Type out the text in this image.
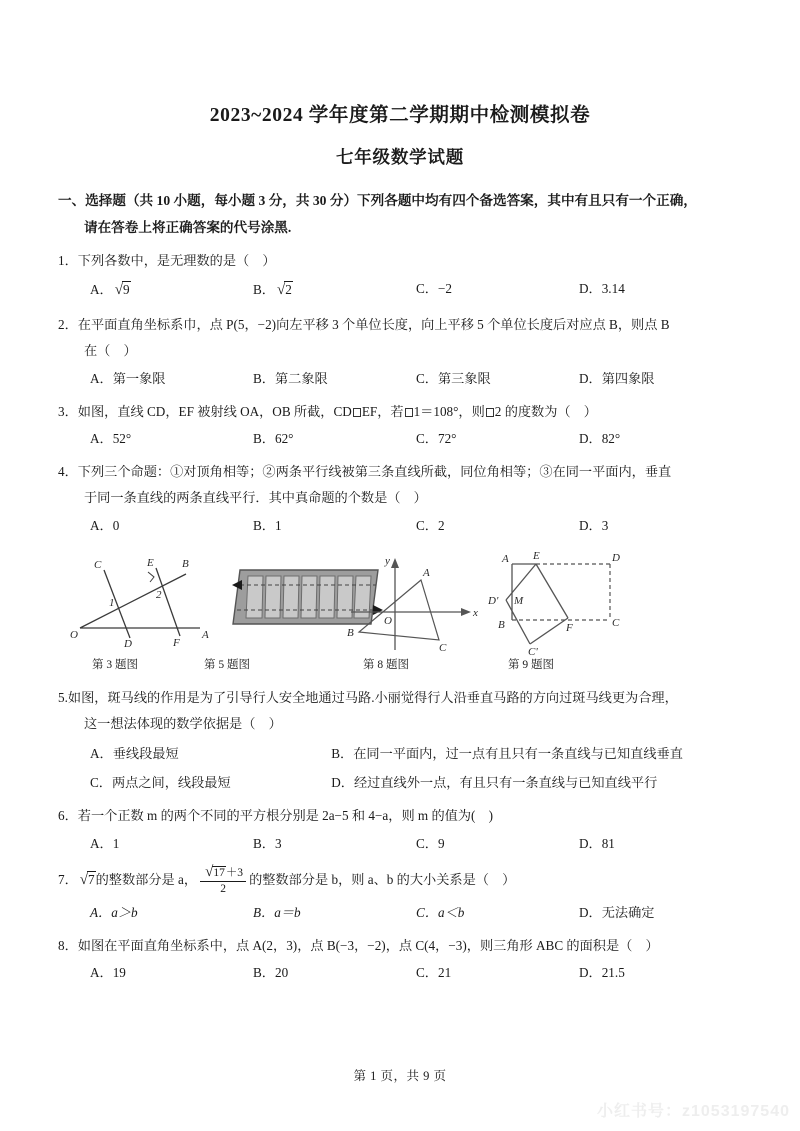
2023~2024 学年度第二学期期中检测模拟卷
七年级数学试题
一、选择题（共 10 小题，每小题 3 分，共 30 分）下列各题中均有四个备选答案，其中有且只有一个正确，
请在答卷上将正确答案的代号涂黑.
1．下列各数中，是无理数的是（　）
A． √9	B． √2	C．−2	D．3.14
2．在平面直角坐标系巾，点 P(5，−2)向左平移 3 个单位长度，向上平移 5 个单位长度后对应点 B，则点 B
在（　）
A．第一象限	B．第二象限	C．第三象限	D．第四象限
3．如图，直线 CD，EF 被射线 OA，OB 所截，CD EF，若 1＝108°，则 2 的度数为（　）
A．52°	B．62°	C．72°	D．82°
4．下列三个命题：①对顶角相等；②两条平行线被第三条直线所截，同位角相等；③在同一平面内，垂直
于同一条直线的两条直线平行．其中真命题的个数是（　）
A．0	B．1	C．2	D．3
C	E	B
1
2
O
D	F
A
y
x
O
A
B
C
A E	D
D' M
B	F	C
C'
第 3 题图	第 5 题图	第 8 题图	第 9 题图
5.如图，斑马线的作用是为了引导行人安全地通过马路.小丽觉得行人沿垂直马路的方向过斑马线更为合理，
这一想法体现的数学依据是（　）
A．垂线段最短	B．在同一平面内，过一点有且只有一条直线与已知直线垂直
C．两点之间，线段最短	D．经过直线外一点，有且只有一条直线与已知直线平行
6．若一个正数 m 的两个不同的平方根分别是 2a−5 和 4−a，则 m 的值为(　)
A．1	B．3	C．9	D．81
7． √7的整数部分是 a， $\frac{√17+3}{2}$ 的整数部分是 b，则 a、b 的大小关系是（　）
A．a＞b	B．a＝b	C．a＜b	D．无法确定
8．如图在平面直角坐标系中，点 A(2，3)，点 B(−3，−2)，点 C(4，−3)，则三角形 ABC 的面积是（　）
A．19	B．20	C．21	D．21.5
第 1 页，共 9 页
小红书号：z1053197540
